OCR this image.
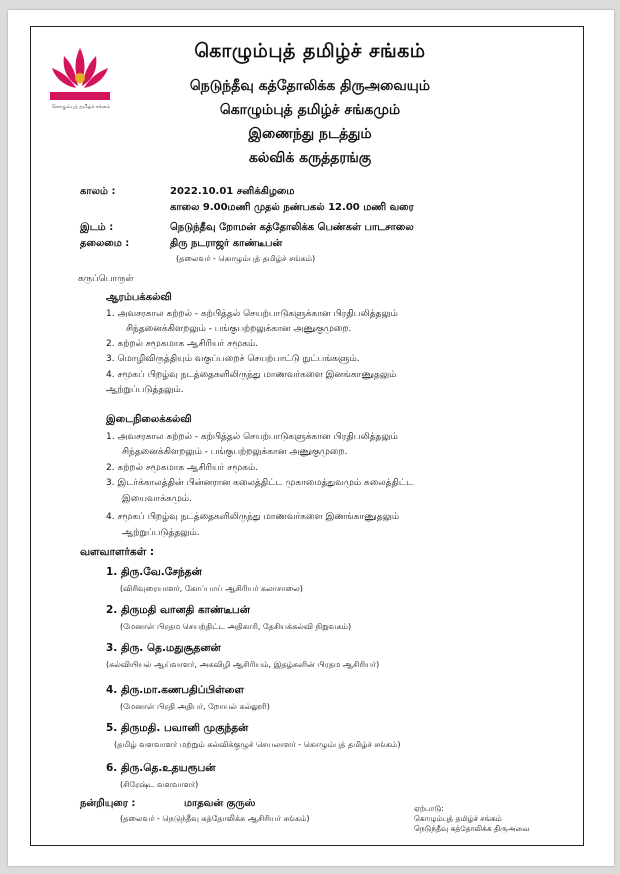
கொழும்புத் தமிழ்ச் சங்கம்
கொழும்புத் தமிழ்ச் சங்கம்
நெடுந்தீவு கத்தோலிக்க திருஅவையும்
கொழும்புத் தமிழ்ச் சங்கமும்
இணைந்து நடத்தும்
கல்விக் கருத்தரங்கு
காலம் :	2022.10.01 சனிக்கிழமை
காலை 9.00மணி முதல் நண்பகல் 12.00 மணி வரை
இடம் :	நெடுந்தீவு றோமன் கத்தோலிக்க பெண்கள் பாடசாலை
தலைமை :	திரு நடராஜர் காண்டீபன்
(தலைவர் - கொழும்புத் தமிழ்ச் சங்கம்)
கருப்பொருள்
ஆரம்பக்கல்வி
1. அவசரகால கற்றல் - கற்பித்தல் செயற்பாடுகளுக்கான பிரதிபலித்தலும்
சிந்தனைக்கிளறலும் - பங்குபற்றலுக்கான அணுகுமுறை.
2. கற்றல் சமூகமாக ஆசிரியர் சமூகம்.
3. மொழிவிருத்தியும் வகுப்பறைச் செயற்பாட்டு நுட்பங்களும்.
4. சமூகப் பிறழ்வு நடத்தைகளிலிருந்து மாணவர்களை இனங்காணுதலும்
ஆற்றுப்படுத்தலும்.
இடைநிலைக்கல்வி
1. அவசரகால கற்றல் - கற்பித்தல் செயற்பாடுகளுக்கான பிரதிபலித்தலும்
சிந்தனைக்கிளறலும் - பங்குபற்றலுக்கான அணுகுமுறை.
2. கற்றல் சமூகமாக ஆசிரியர் சமூகம்.
3. இடர்க்காலத்தின் பின்னரான கலைத்திட்ட முகாமைத்துவமும் கலைத்திட்ட
இயைவாக்கமும்.
4. சமூகப் பிறழ்வு நடத்தைகளிலிருந்து மாணவர்களை இணங்காணுதலும்
ஆற்றுப்படுத்தலும்.
வளவாளர்கள் :
1. திரு.வே.சேந்தன்
(விரிவுரையாளர், கோப்பாய் ஆசிரியர் கலாசாலை)
2. திருமதி வானதி காண்டீபன்
(மேனாள் பிரதம செயற்திட்ட அதிகாரி, தேசியக்கல்வி நிறுவகம்)
3. திரு. தெ.மதுசூதனன்
(கல்வியியல் ஆய்வாளர், அகவிழி ஆசிரியம், இதழ்களின் பிரதம ஆசிரியர்)
4. திரு.மா.கணபதிப்பிள்ளை
(மேனாள் பிரதி அதிபர், றோயல் கல்லூரி)
5. திருமதி. பவானி முகுந்தன்
(தமிழ் வளவாளர் மற்றும் கல்விக்குழுச் செயலாளர் - கொழும்புத் தமிழ்ச் சங்கம்)
6. திரு.தெ.உதயரூபன்
(சிரேஷ்ட வளவாளர்)
நன்றியுரை :	மாதவன் குருஸ்
(தலைவர் - நெடுந்தீவு கத்தோலிக்க ஆசிரியர் சங்கம்)
ஏற்பாடு:
கொழும்புத் தமிழ்ச் சங்கம்
நெடுந்தீவு கத்தோலிக்க திருஅவை
